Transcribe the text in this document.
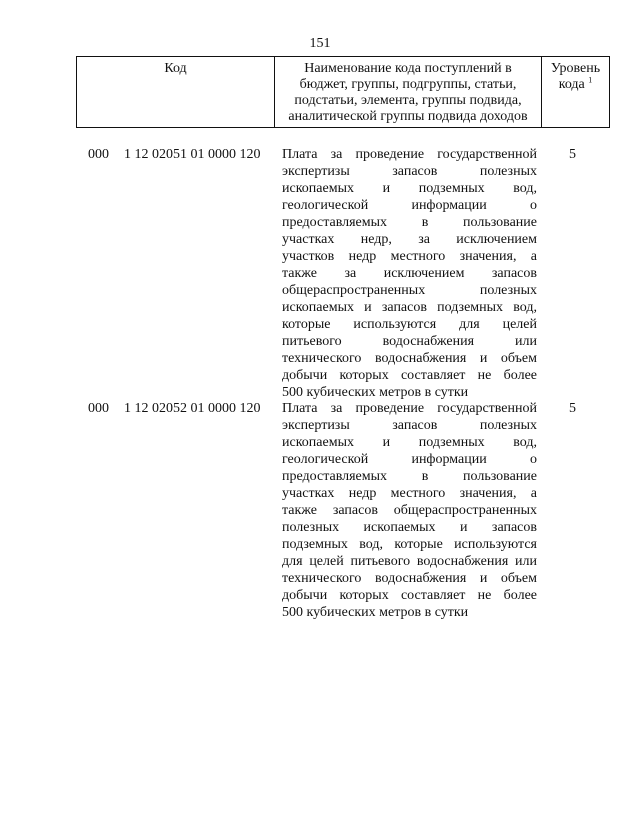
151
Код	Наименование кода поступлений в
бюджет, группы, подгруппы, статьи,
подстатьи, элемента, группы подвида,
аналитической группы подвида доходов
Уровень
кода $^1$
000 1 12 02051 01 0000 120 Плата за проведение государственной
экспертизы запасов полезных
ископаемых и подземных вод,
геологической информации о
предоставляемых в пользование
участках недр, за исключением
участков недр местного значения, а
также за исключением запасов
общераспространенных полезных
ископаемых и запасов подземных вод,
которые используются для целей
питьевого водоснабжения или
технического водоснабжения и объем
добычи которых составляет не более
500 кубических метров в сутки
5
000 1 12 02052 01 0000 120 Плата за проведение государственной
экспертизы запасов полезных
ископаемых и подземных вод,
геологической информации о
предоставляемых в пользование
участках недр местного значения, а
также запасов общераспространенных
полезных ископаемых и запасов
подземных вод, которые используются
для целей питьевого водоснабжения или
технического водоснабжения и объем
добычи которых составляет не более
500 кубических метров в сутки
5
